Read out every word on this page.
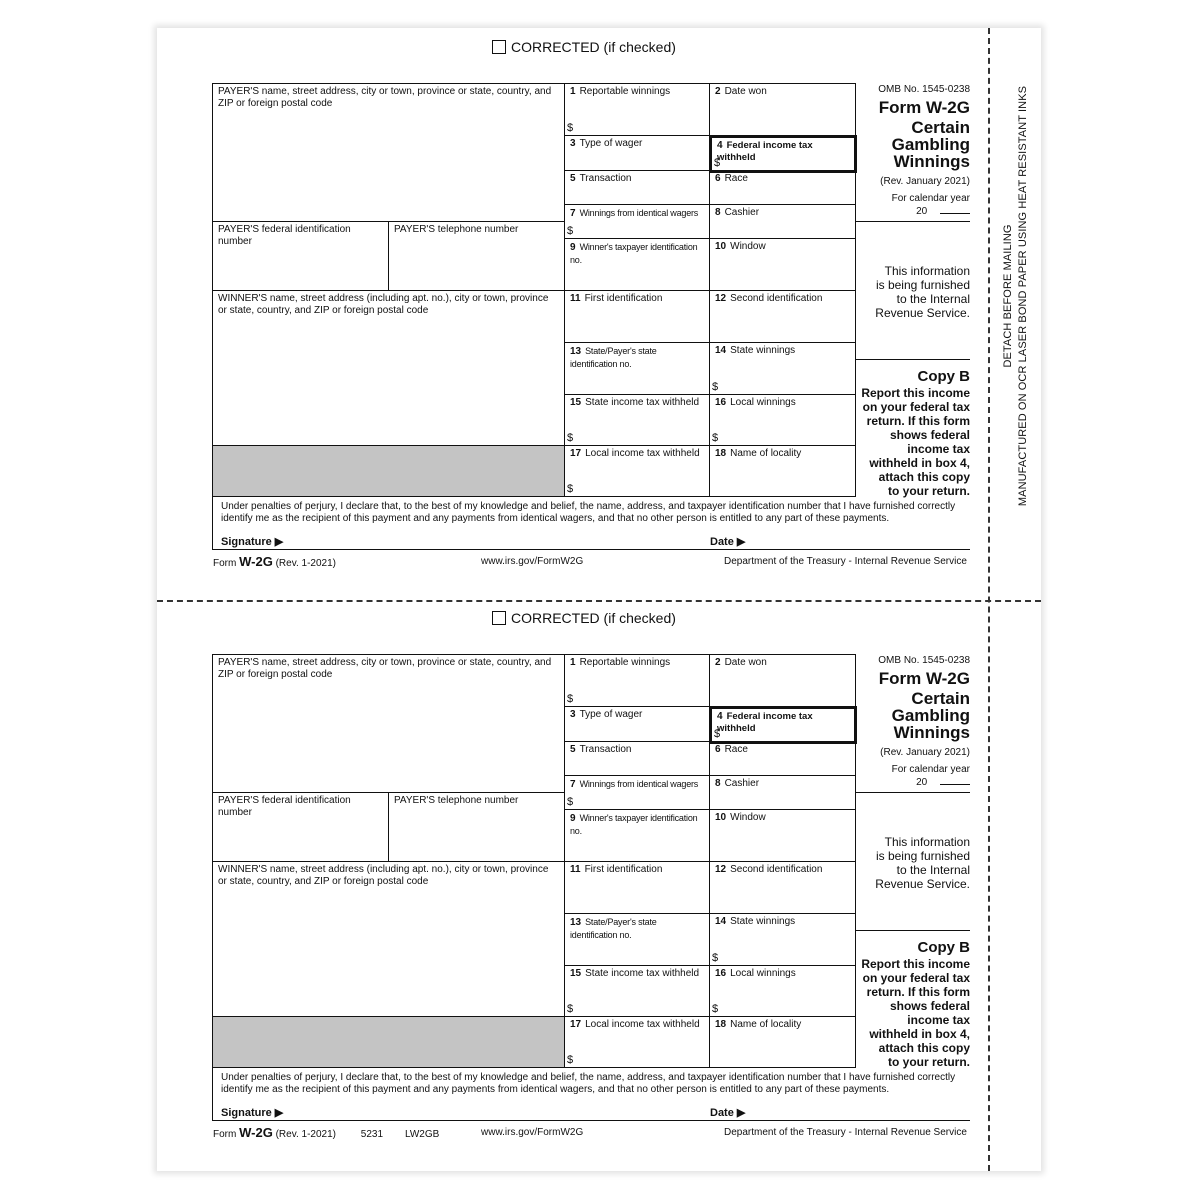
DETACH BEFORE MAILING MANUFACTURED ON OCR LASER BOND PAPER USING HEAT RESISTANT INKS
CORRECTED (if checked)
PAYER'S name, street address, city or town, province or state, country, and ZIP or foreign postal code
PAYER'S federal identification number
PAYER'S telephone number
WINNER'S name, street address (including apt. no.), city or town, province or state, country, and ZIP or foreign postal code
1 Reportable winnings
$
2 Date won
3 Type of wager	4 Federal income tax withheld
$
5 Transaction	6 Race
7 Winnings from identical wagers
$
8 Cashier
9 Winner's taxpayer identification no.
10 Window
11 First identification	12 Second identification
13 State/Payer's state identification no.
14 State winnings
$
15 State income tax withheld
$
16 Local winnings
$
17 Local income tax withheld
$
18 Name of locality
OMB No. 1545-0238
Form W-2G
Certain
Gambling
Winnings
(Rev. January 2021)
For calendar year
20
This information
is being furnished
to the Internal
Revenue Service.
Copy B
Report this income
on your federal tax
return. If this form
shows federal
income tax
withheld in box 4,
attach this copy
to your return.
Under penalties of perjury, I declare that, to the best of my knowledge and belief, the name, address, and taxpayer identification number that I have furnished correctly identify me as the recipient of this payment and any payments from identical wagers, and that no other person is entitled to any part of these payments.
Signature ▶	Date ▶
Form W-2G (Rev. 1-2021)	www.irs.gov/FormW2G	Department of the Treasury - Internal Revenue Service
CORRECTED (if checked)
PAYER'S name, street address, city or town, province or state, country, and ZIP or foreign postal code
PAYER'S federal identification number
PAYER'S telephone number
WINNER'S name, street address (including apt. no.), city or town, province or state, country, and ZIP or foreign postal code
1 Reportable winnings
$
2 Date won
3 Type of wager	4 Federal income tax withheld
$
5 Transaction	6 Race
7 Winnings from identical wagers
$
8 Cashier
9 Winner's taxpayer identification no.
10 Window
11 First identification	12 Second identification
13 State/Payer's state identification no.
14 State winnings
$
15 State income tax withheld
$
16 Local winnings
$
17 Local income tax withheld
$
18 Name of locality
OMB No. 1545-0238
Form W-2G
Certain
Gambling
Winnings
(Rev. January 2021)
For calendar year
20
This information
is being furnished
to the Internal
Revenue Service.
Copy B
Report this income
on your federal tax
return. If this form
shows federal
income tax
withheld in box 4,
attach this copy
to your return.
Under penalties of perjury, I declare that, to the best of my knowledge and belief, the name, address, and taxpayer identification number that I have furnished correctly identify me as the recipient of this payment and any payments from identical wagers, and that no other person is entitled to any part of these payments.
Signature ▶	Date ▶
Form W-2G (Rev. 1-2021) 5231 LW2GB	www.irs.gov/FormW2G	Department of the Treasury - Internal Revenue Service
